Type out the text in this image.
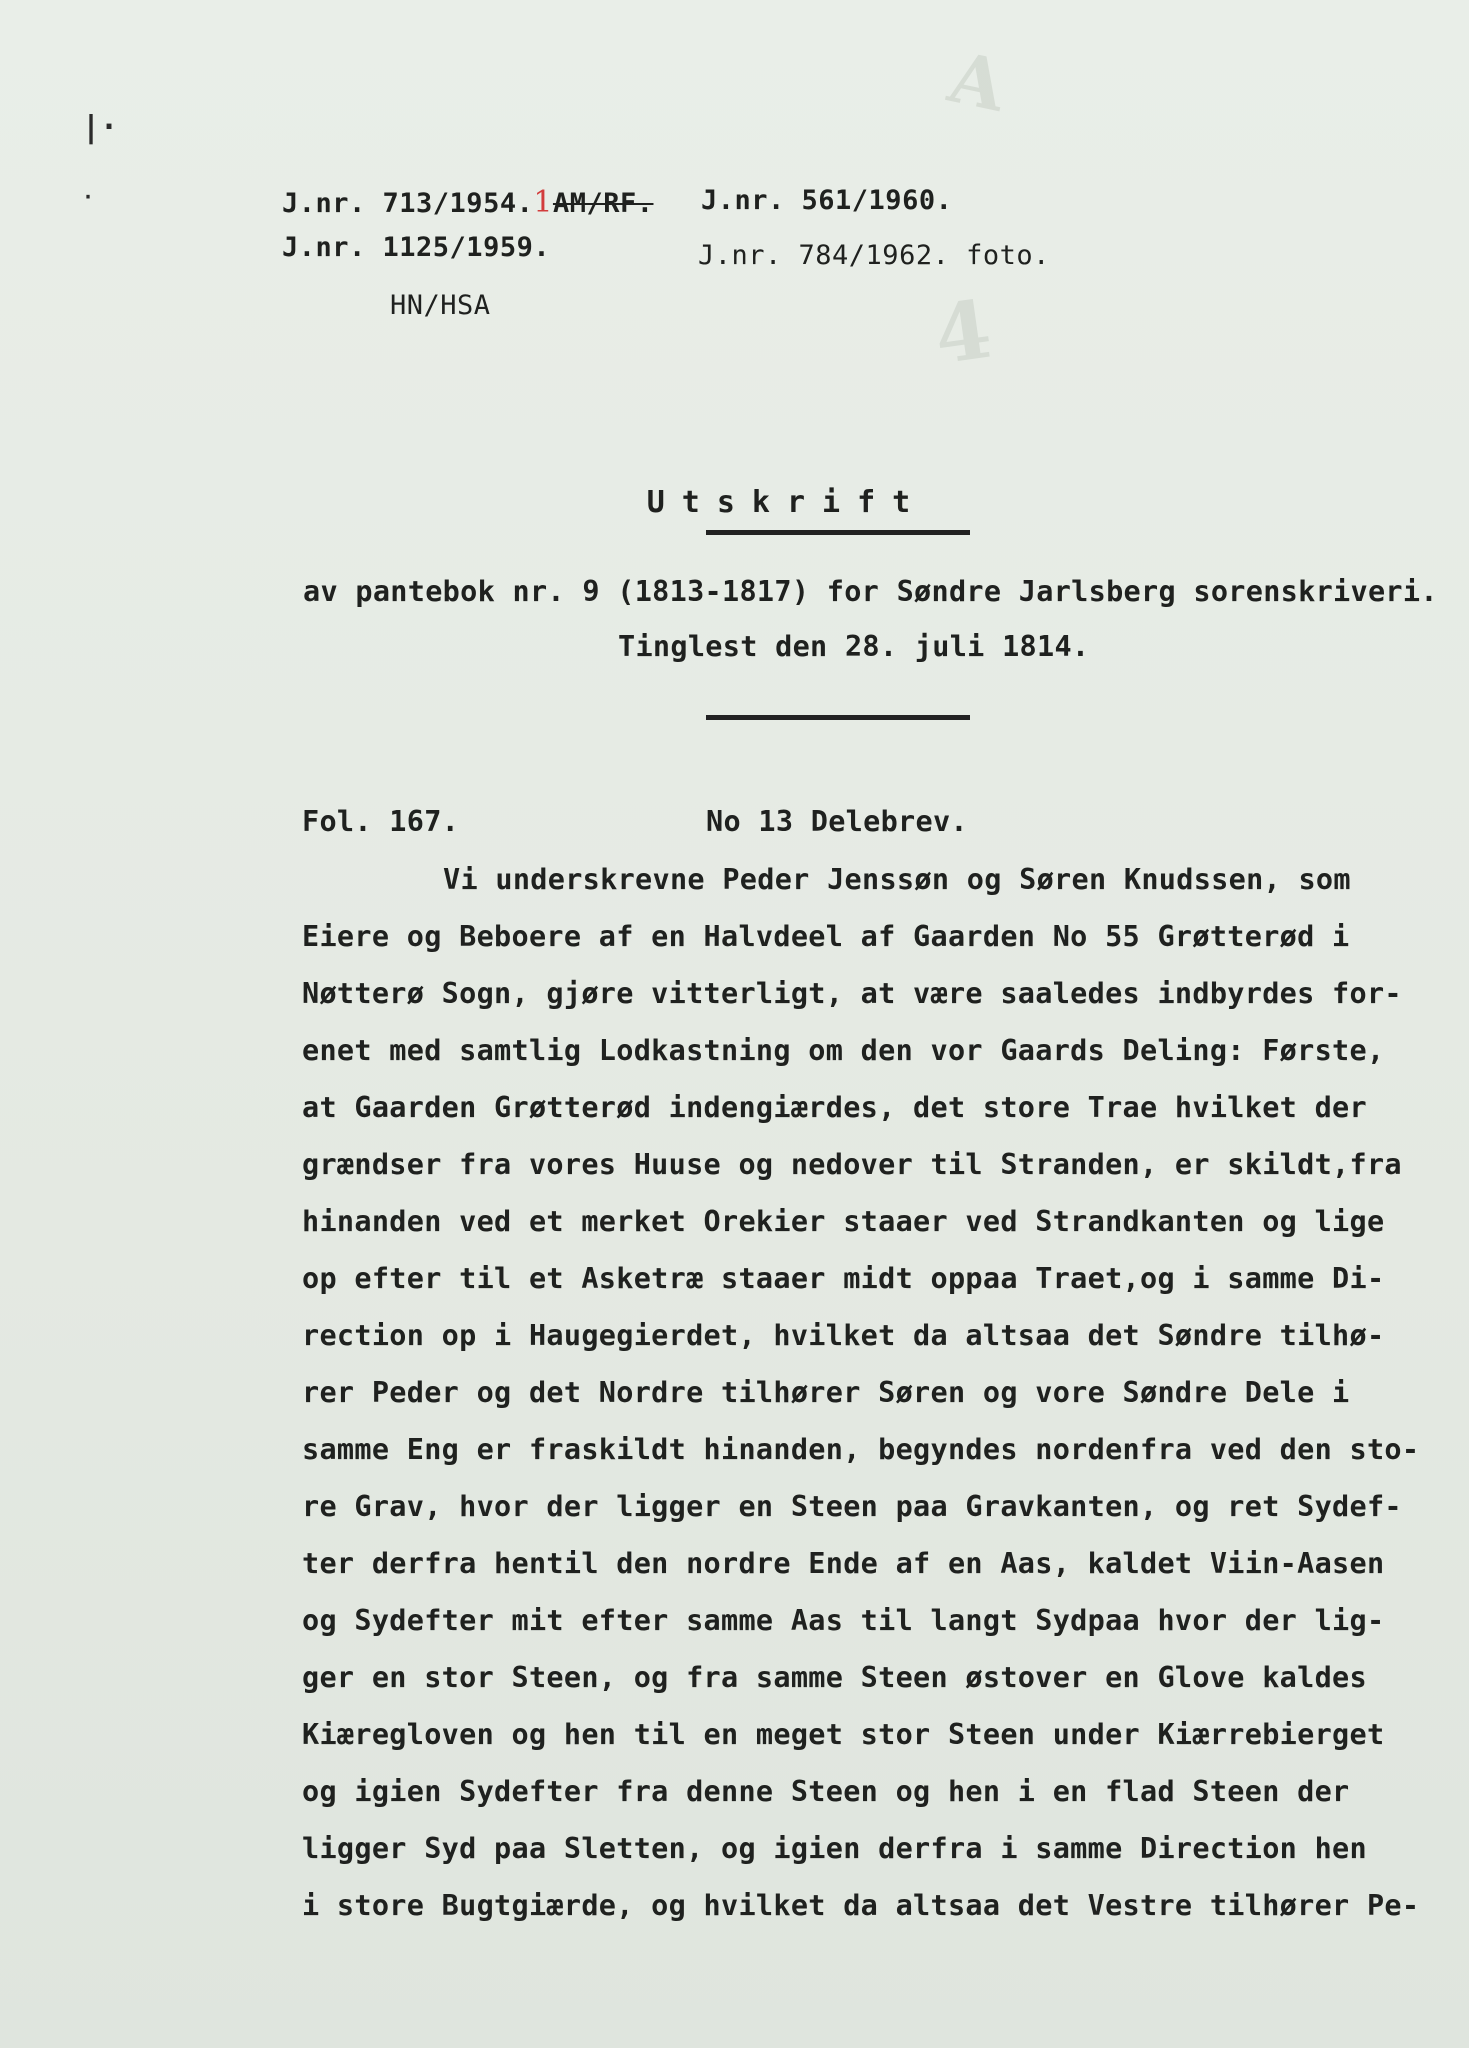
A
4
|·
·	J.nr. 713/1954.1AM/RF. J.nr. 561/1960.
J.nr. 1125/1959.	J.nr. 784/1962. foto.
HN/HSA
Utskrift
av pantebok nr. 9 (1813-1817) for Søndre Jarlsberg sorenskriveri.
Tinglest den 28. juli 1814.
Fol. 167.	No 13 Delebrev.
Vi underskrevne Peder Jenssøn og Søren Knudssen, som
Eiere og Beboere af en Halvdeel af Gaarden No 55 Grøtterød i
Nøtterø Sogn, gjøre vitterligt, at være saaledes indbyrdes for-
enet med samtlig Lodkastning om den vor Gaards Deling: Første,
at Gaarden Grøtterød indengiærdes, det store Trae hvilket der
grændser fra vores Huuse og nedover til Stranden, er skildt,fra
hinanden ved et merket Orekier staaer ved Strandkanten og lige
op efter til et Asketræ staaer midt oppaa Traet,og i samme Di-
rection op i Haugegierdet, hvilket da altsaa det Søndre tilhø-
rer Peder og det Nordre tilhører Søren og vore Søndre Dele i
samme Eng er fraskildt hinanden, begyndes nordenfra ved den sto-
re Grav, hvor der ligger en Steen paa Gravkanten, og ret Sydef-
ter derfra hentil den nordre Ende af en Aas, kaldet Viin-Aasen
og Sydefter mit efter samme Aas til langt Sydpaa hvor der lig-
ger en stor Steen, og fra samme Steen østover en Glove kaldes
Kiæregloven og hen til en meget stor Steen under Kiærrebierget
og igien Sydefter fra denne Steen og hen i en flad Steen der
ligger Syd paa Sletten, og igien derfra i samme Direction hen
i store Bugtgiærde, og hvilket da altsaa det Vestre tilhører Pe-
